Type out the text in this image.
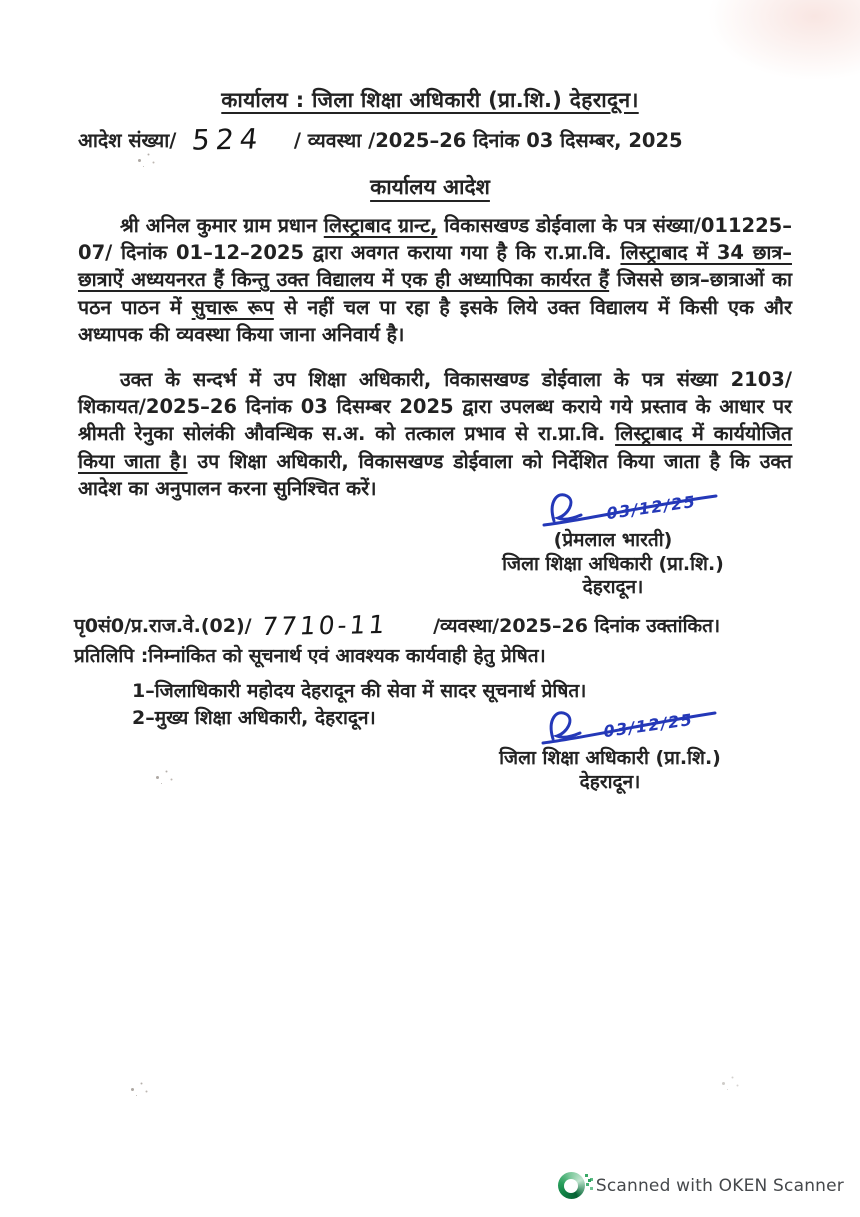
कार्यालय : जिला शिक्षा अधिकारी (प्रा.शि.) देहरादून।
आदेश संख्या/ 524 / व्यवस्था /2025–26 दिनांक 03 दिसम्बर, 2025
कार्यालय आदेश
श्री अनिल कुमार ग्राम प्रधान लिस्ट्राबाद ग्रान्ट, विकासखण्ड डोईवाला के पत्र संख्या/011225–07/ दिनांक 01–12–2025 द्वारा अवगत कराया गया है कि रा.प्रा.वि. लिस्ट्राबाद में 34 छात्र–छात्राऐं अध्ययनरत हैं किन्तु उक्त विद्यालय में एक ही अध्यापिका कार्यरत हैं जिससे छात्र–छात्राओं का पठन पाठन में सुचारू रूप से नहीं चल पा रहा है इसके लिये उक्त विद्यालय में किसी एक और अध्यापक की व्यवस्था किया जाना अनिवार्य है।
उक्त के सन्दर्भ में उप शिक्षा अधिकारी, विकासखण्ड डोईवाला के पत्र संख्या 2103/शिकायत/2025–26 दिनांक 03 दिसम्बर 2025 द्वारा उपलब्ध कराये गये प्रस्ताव के आधार पर श्रीमती रेनुका सोलंकी औवन्धिक स.अ. को तत्काल प्रभाव से रा.प्रा.वि. लिस्ट्राबाद में कार्ययोजित किया जाता है। उप शिक्षा अधिकारी, विकासखण्ड डोईवाला को निर्देशित किया जाता है कि उक्त आदेश का अनुपालन करना सुनिश्चित करें।
03/12/25
(प्रेमलाल भारती)
जिला शिक्षा अधिकारी (प्रा.शि.)
देहरादून।
पृ0सं0/प्र.राज.वे.(02)/ 7710-11 /व्यवस्था/2025–26 दिनांक उक्तांकित।
प्रतिलिपि :निम्नांकित को सूचनार्थ एवं आवश्यक कार्यवाही हेतु प्रेषित।
1–जिलाधिकारी महोदय देहरादून की सेवा में सादर सूचनार्थ प्रेषित।
2–मुख्य शिक्षा अधिकारी, देहरादून।	03/12/25
जिला शिक्षा अधिकारी (प्रा.शि.)
देहरादून।
Scanned with OKEN Scanner
